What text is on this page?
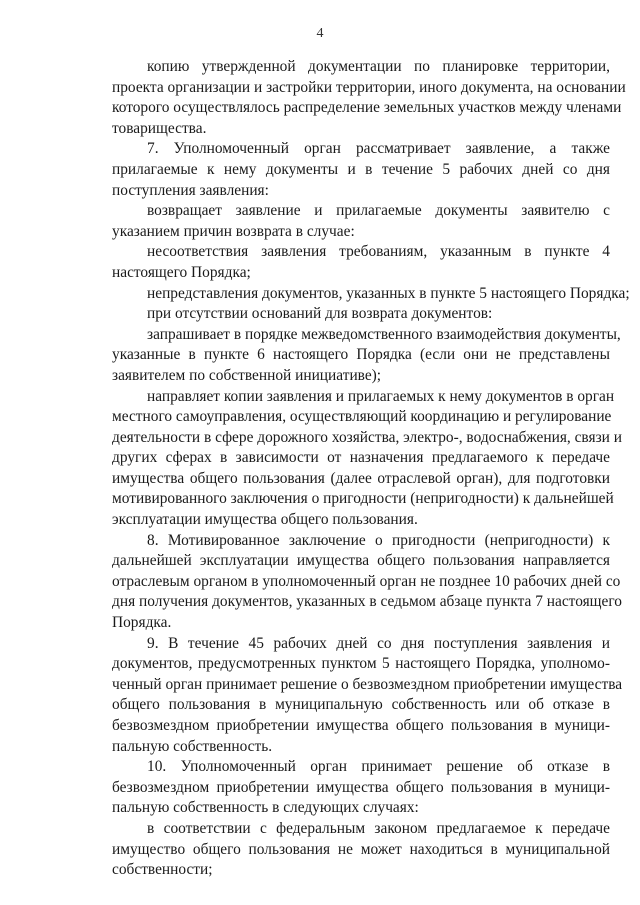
4

копию утвержденной документации по планировке территории,
проекта организации и застройки территории, иного документа, на основании
которого осуществлялось распределение земельных участков между членами
товарищества.

7. Уполномоченный орган рассматривает заявление, а также
прилагаемые к нему документы и в течение 5 рабочих дней со дня
поступления заявления:

возвращает заявление и прилагаемые документы заявителю с
указанием причин возврата в случае:

несоответствия заявления требованиям, указанным в пункте 4
настоящего Порядка;

непредставления документов, указанных в пункте 5 настоящего Порядка;

при отсутствии оснований для возврата документов:

запрашивает в порядке межведомственного взаимодействия документы,
указанные в пункте 6 настоящего Порядка (если они не представлены
заявителем по собственной инициативе);

направляет копии заявления и прилагаемых к нему документов в орган
местного самоуправления, осуществляющий координацию и регулирование
деятельности в сфере дорожного хозяйства, электро-, водоснабжения, связи и
других сферах в зависимости от назначения предлагаемого к передаче
имущества общего пользования (далее отраслевой орган), для подготовки
мотивированного заключения о пригодности (непригодности) к дальнейшей
эксплуатации имущества общего пользования.

8. Мотивированное заключение о пригодности (непригодности) к
дальнейшей эксплуатации имущества общего пользования направляется
отраслевым органом в уполномоченный орган не позднее 10 рабочих дней со
дня получения документов, указанных в седьмом абзаце пункта 7 настоящего
Порядка.

9. В течение 45 рабочих дней со дня поступления заявления и
документов, предусмотренных пунктом 5 настоящего Порядка, уполномо-
ченный орган принимает решение о безвозмездном приобретении имущества
общего пользования в муниципальную собственность или об отказе в
безвозмездном приобретении имущества общего пользования в муници-
пальную собственность.

10. Уполномоченный орган принимает решение об отказе в
безвозмездном приобретении имущества общего пользования в муници-
пальную собственность в следующих случаях:

в соответствии с федеральным законом предлагаемое к передаче
имущество общего пользования не может находиться в муниципальной
собственности;
